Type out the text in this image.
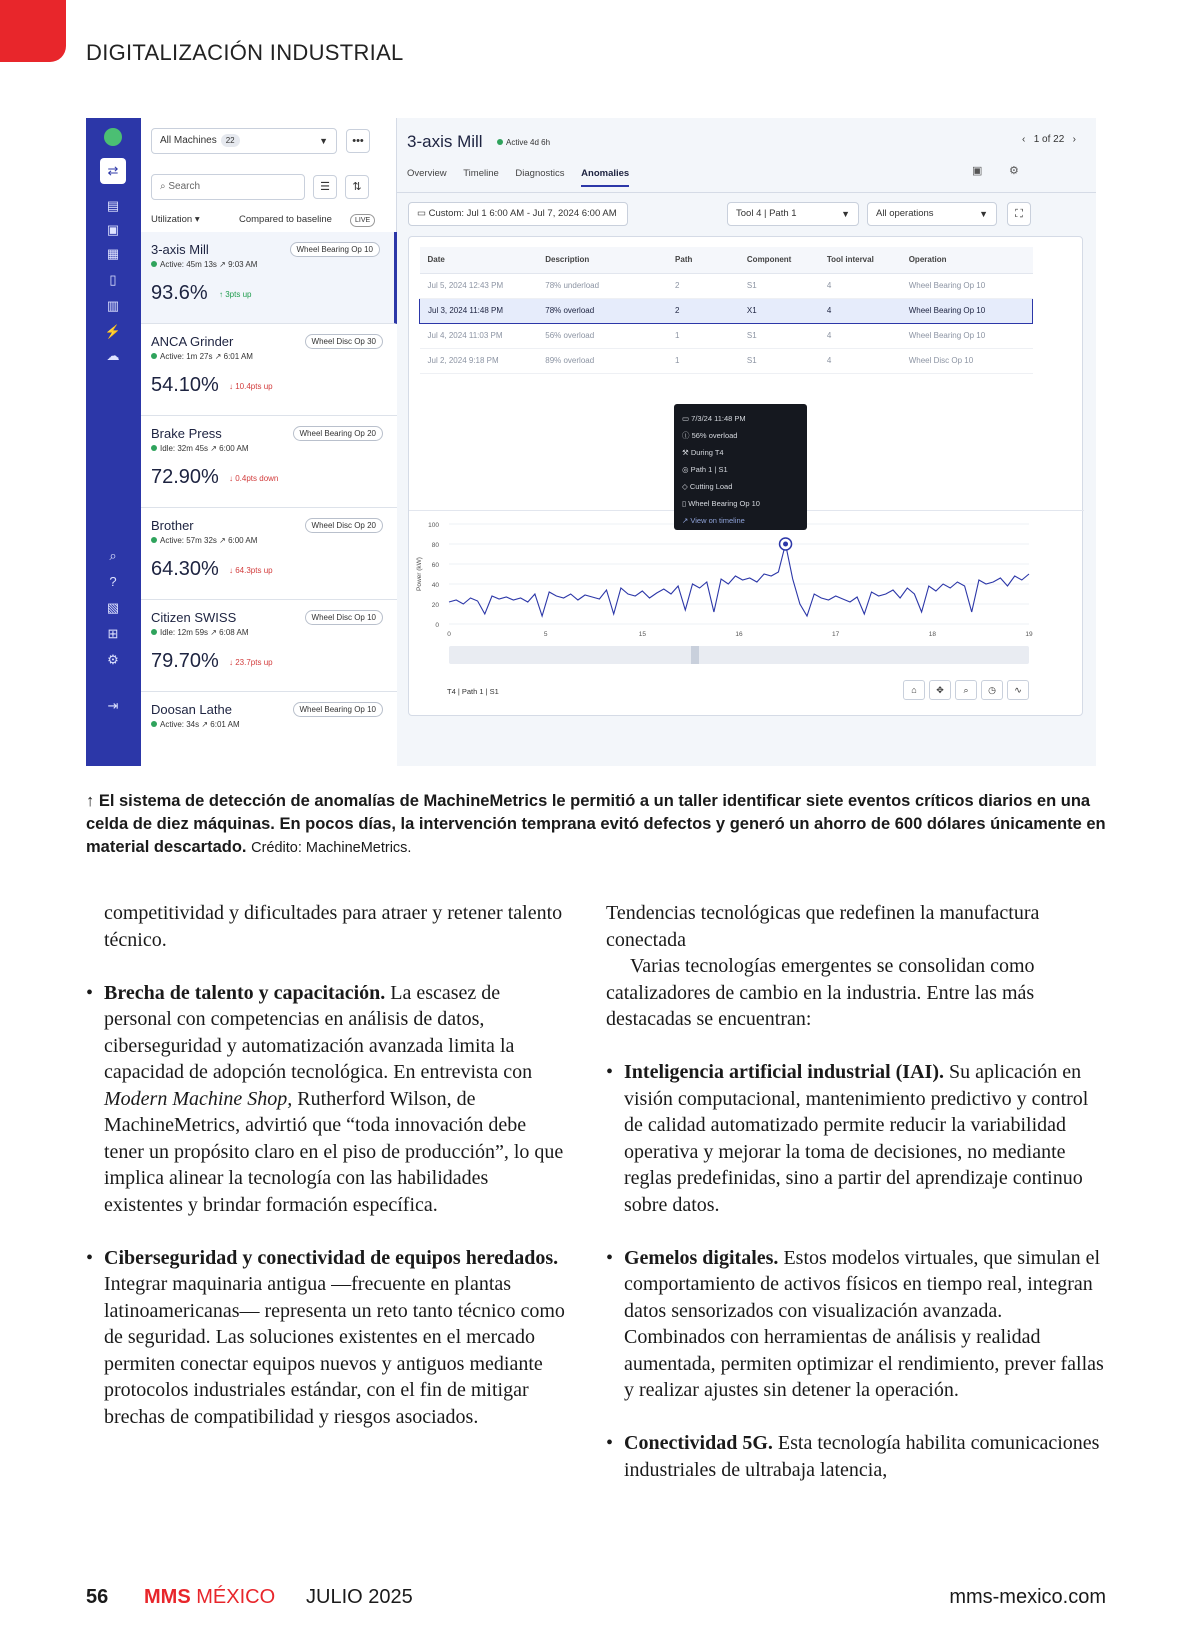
DIGITALIZACIÓN INDUSTRIAL
⇄
▤
▣
▦
▯
▥
⚡
☁
⌕
?
▧
⊞
⚙
⇥
All Machines 22	▼	•••
⌕ Search	☰	⇅
Utilization ▾	Compared to baseline	LIVE
3-axis Mill	Wheel Bearing Op 10
Active: 45m 13s ↗ 9:03 AM
93.6% ↑ 3pts up
ANCA Grinder	Wheel Disc Op 30
Active: 1m 27s ↗ 6:01 AM
54.10% ↓ 10.4pts up
Brake Press	Wheel Bearing Op 20
Idle: 32m 45s ↗ 6:00 AM
72.90% ↓ 0.4pts down
Brother	Wheel Disc Op 20
Active: 57m 32s ↗ 6:00 AM
64.30% ↓ 64.3pts up
Citizen SWISS	Wheel Disc Op 10
Idle: 12m 59s ↗ 6:08 AM
79.70% ↓ 23.7pts up
Doosan Lathe	Wheel Bearing Op 10
Active: 34s ↗ 6:01 AM
3-axis Mill	Active 4d 6h	‹ 1 of 22 ›
Overview Timeline Diagnostics Anomalies	▣ ⚙
▭ Custom: Jul 1 6:00 AM - Jul 7, 2024 6:00 AM	Tool 4 | Path 1	▼	All operations	▼	⛶
Date	Description	Path	Component	Tool interval	Operation
Jul 5, 2024 12:43 PM	78% underload	2	S1	4	Wheel Bearing Op 10
Jul 3, 2024 11:48 PM	78% overload	2	X1	4	Wheel Bearing Op 10
Jul 4, 2024 11:03 PM	56% overload	1	S1	4	Wheel Bearing Op 10
Jul 2, 2024 9:18 PM	89% overload	1	S1	4	Wheel Disc Op 10
0
20
40
60
80
100
Power (kW)
0	5	15	16	17	18	19
▭ 7/3/24 11:48 PM
ⓘ 56% overload
⚒ During T4
◎ Path 1 | S1
◇ Cutting Load
▯ Wheel Bearing Op 10
↗ View on timeline
T4 | Path 1 | S1	⌂ ✥ ⌕ ◷ ∿
↑ El sistema de detección de anomalías de MachineMetrics le permitió a un taller identificar siete eventos críticos diarios en una celda de diez máquinas. En pocos días, la intervención temprana evitó defectos y generó un ahorro de 600 dólares únicamente en material descartado. Crédito: MachineMetrics.

competitividad y dificultades para atraer y retener talento técnico.

• Brecha de talento y capacitación. La escasez de personal con competencias en análisis de datos, ciberseguridad y automatización avanzada limita la capacidad de adopción tecnológica. En entrevista con Modern Machine Shop, Rutherford Wilson, de MachineMetrics, advirtió que “toda innovación debe tener un propósito claro en el piso de producción”, lo que implica alinear la tecnología con las habilidades existentes y brindar formación específica.

• Ciberseguridad y conectividad de equipos heredados. Integrar maquinaria antigua —frecuente en plantas latinoamericanas— representa un reto tanto técnico como de seguridad. Las soluciones existentes en el mercado permiten conectar equipos nuevos y antiguos mediante protocolos industriales estándar, con el fin de mitigar brechas de compatibilidad y riesgos asociados.

Tendencias tecnológicas que redefinen la manufactura conectada

Varias tecnologías emergentes se consolidan como catalizadores de cambio en la industria. Entre las más destacadas se encuentran:

• Inteligencia artificial industrial (IAI). Su aplicación en visión computacional, mantenimiento predictivo y control de calidad automatizado permite reducir la variabilidad operativa y mejorar la toma de decisiones, no mediante reglas predefinidas, sino a partir del aprendizaje continuo sobre datos.

• Gemelos digitales. Estos modelos virtuales, que simulan el comportamiento de activos físicos en tiempo real, integran datos sensorizados con visualización avanzada. Combinados con herramientas de análisis y realidad aumentada, permiten optimizar el rendimiento, prever fallas y realizar ajustes sin detener la operación.

• Conectividad 5G. Esta tecnología habilita comunicaciones industriales de ultrabaja latencia,

56 MMS MÉXICO JULIO 2025	mms-mexico.com
